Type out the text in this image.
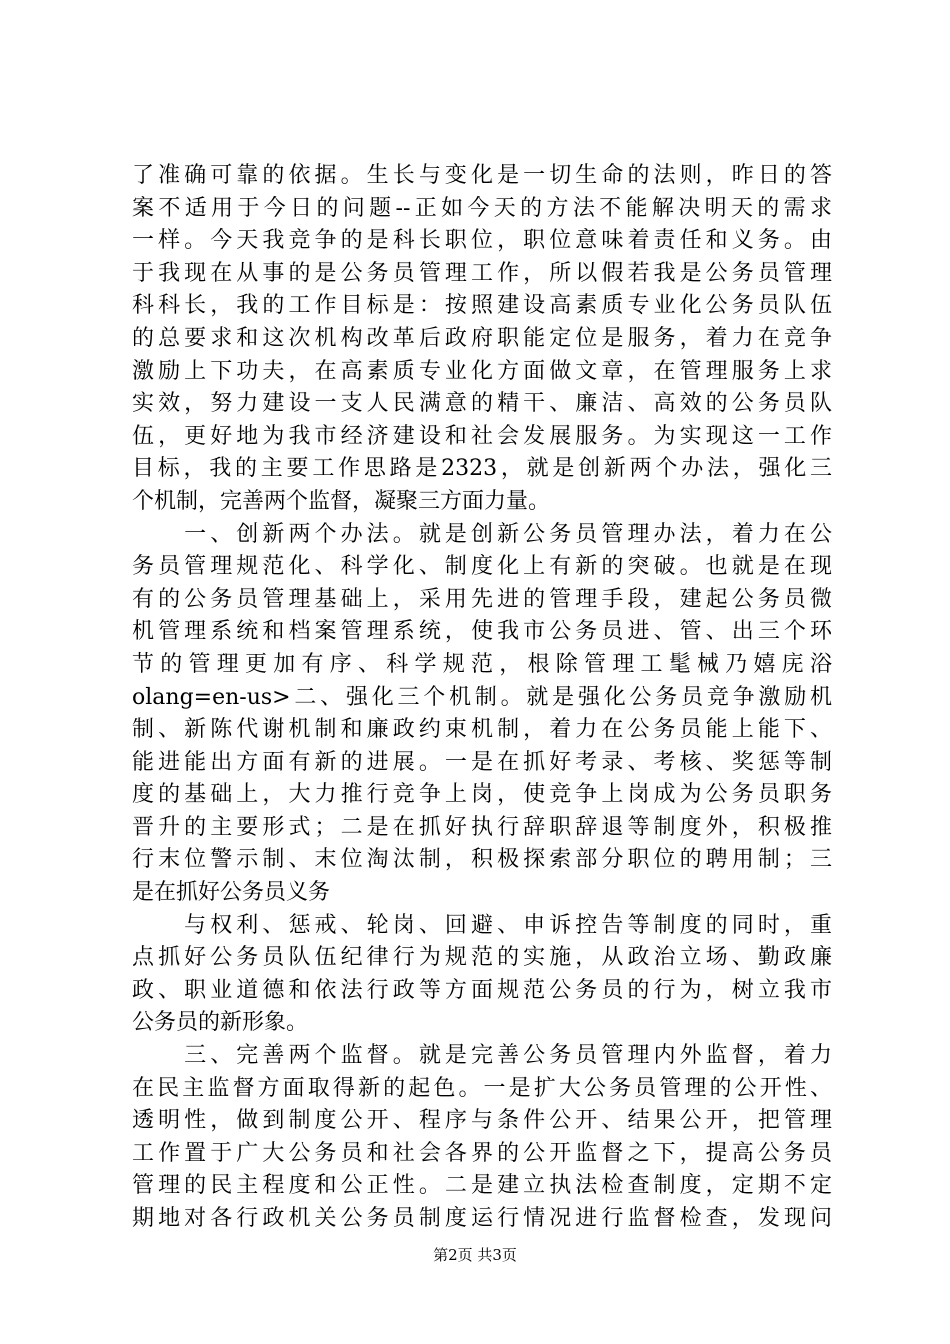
了准确可靠的依据。生长与变化是一切生命的法则，昨日的答
案不适用于今日的问题--正如今天的方法不能解决明天的需求
一样。今天我竞争的是科长职位，职位意味着责任和义务。由
于我现在从事的是公务员管理工作，所以假若我是公务员管理
科科长，我的工作目标是：按照建设高素质专业化公务员队伍
的总要求和这次机构改革后政府职能定位是服务，着力在竞争
激励上下功夫，在高素质专业化方面做文章，在管理服务上求
实效，努力建设一支人民满意的精干、廉洁、高效的公务员队
伍，更好地为我市经济建设和社会发展服务。为实现这一工作
目标，我的主要工作思路是2323，就是创新两个办法，强化三
个机制，完善两个监督，凝聚三方面力量。
　　一、创新两个办法。就是创新公务员管理办法，着力在公
务员管理规范化、科学化、制度化上有新的突破。也就是在现
有的公务员管理基础上，采用先进的管理手段，建起公务员微
机管理系统和档案管理系统，使我市公务员进、管、出三个环
节的管理更加有序、科学规范，根除管理工髦械乃嬉庑浴
olang=en-us>二、强化三个机制。就是强化公务员竞争激励机
制、新陈代谢机制和廉政约束机制，着力在公务员能上能下、
能进能出方面有新的进展。一是在抓好考录、考核、奖惩等制
度的基础上，大力推行竞争上岗，使竞争上岗成为公务员职务
晋升的主要形式；二是在抓好执行辞职辞退等制度外，积极推
行末位警示制、末位淘汰制，积极探索部分职位的聘用制；三
是在抓好公务员义务
　　与权利、惩戒、轮岗、回避、申诉控告等制度的同时，重
点抓好公务员队伍纪律行为规范的实施，从政治立场、勤政廉
政、职业道德和依法行政等方面规范公务员的行为，树立我市
公务员的新形象。
　　三、完善两个监督。就是完善公务员管理内外监督，着力
在民主监督方面取得新的起色。一是扩大公务员管理的公开性、
透明性，做到制度公开、程序与条件公开、结果公开，把管理
工作置于广大公务员和社会各界的公开监督之下，提高公务员
管理的民主程度和公正性。二是建立执法检查制度，定期不定
期地对各行政机关公务员制度运行情况进行监督检查，发现问
第2页 共3页
